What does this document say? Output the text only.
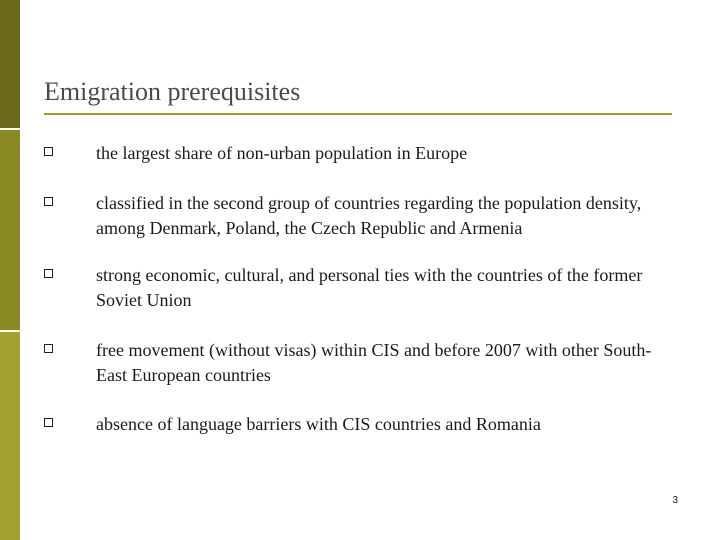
Emigration prerequisites
the largest share of non-urban population in Europe
classified in the second group of countries regarding the population density, among Denmark, Poland, the Czech Republic and Armenia
strong economic, cultural, and personal ties with the countries of the former Soviet Union
free movement (without visas) within CIS and before 2007 with other South-East European countries
absence of language barriers with CIS countries and Romania
3
